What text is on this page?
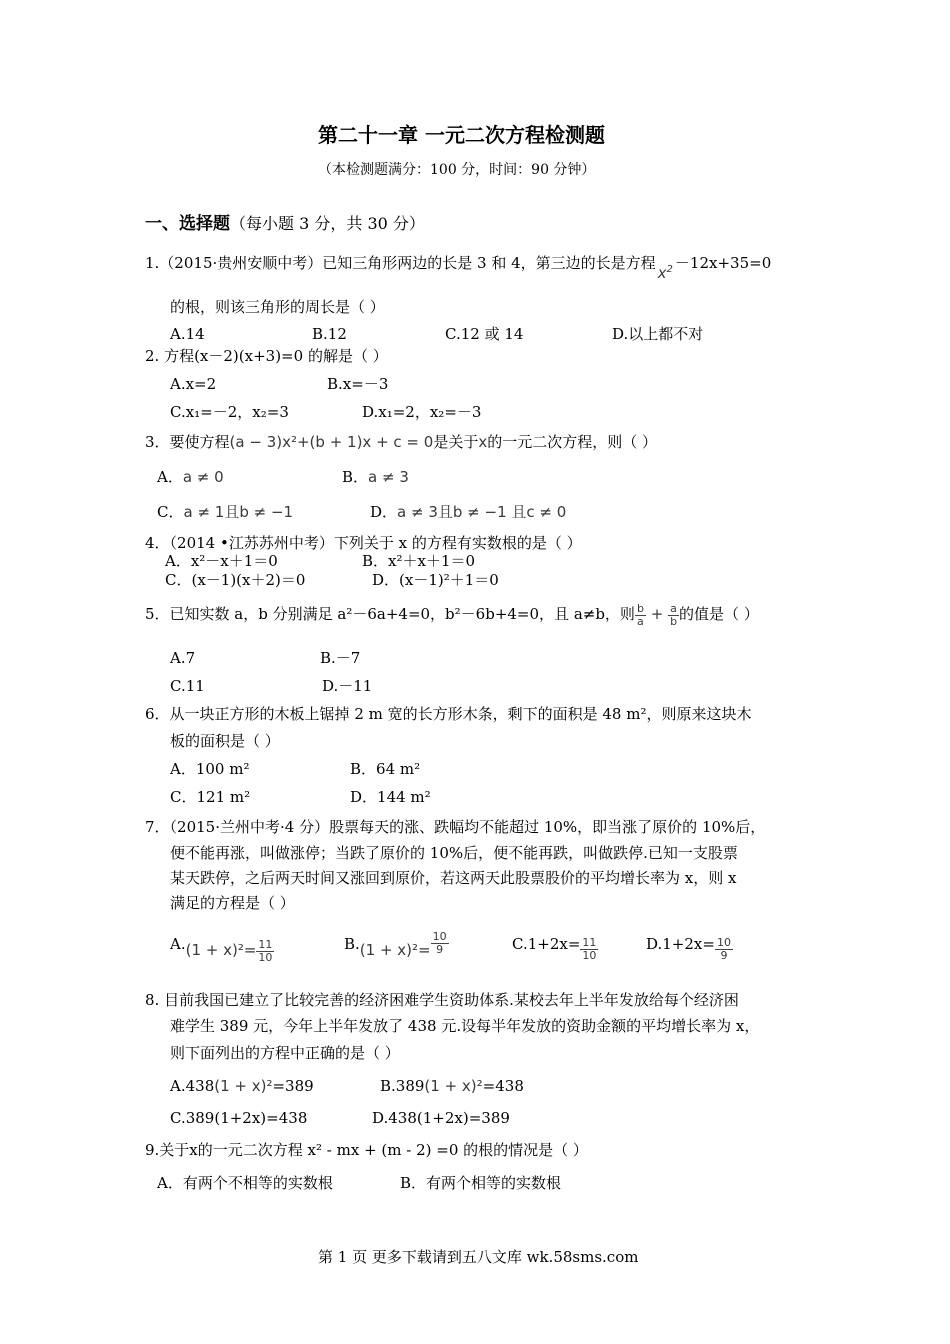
第二十一章 一元二次方程检测题
（本检测题满分：100 分，时间：90 分钟）
一、选择题（每小题 3 分，共 30 分）
1.（2015·贵州安顺中考）已知三角形两边的长是 3 和 4，第三边的长是方程$x^2 -12x+35=0$
的根，则该三角形的周长是（ ）
A.14	B.12	C.12 或 14	D.以上都不对
2. 方程(x－2)(x+3)=0 的解是（ ）
A.x=2	B.x=－3
C.x₁=－2，x₂=3	D.x₁=2，x₂=－3
3．要使方程(a − 3)x²+(b + 1)x + c = 0是关于x的一元二次方程，则（ ）
A．a ≠ 0	B．a ≠ 3
C．a ≠ 1且b ≠ −1	D．a ≠ 3且b ≠ −1 且c ≠ 0
4．（2014 •江苏苏州中考）下列关于 x 的方程有实数根的是（ ）
A．x²－x＋1＝0	B．x²＋x＋1＝0
C．(x－1)(x＋2)＝0	D．(x－1)²＋1＝0
5．已知实数 a，b 分别满足 a²－6a+4=0，b²－6b+4=0，且 a≠b，则 $\frac{b}{a} + \frac{a}{b}$ 的值是（ ）
A.7	B.－7
C.11	D.－11
6．从一块正方形的木板上锯掉 2 m 宽的长方形木条，剩下的面积是 48 m²，则原来这块木
板的面积是（ ）
A．100 m²	B．64 m²
C．121 m²	D．144 m²
7．（2015·兰州中考·4 分）股票每天的涨、跌幅均不能超过 10%，即当涨了原价的 10%后，
便不能再涨，叫做涨停；当跌了原价的 10%后，便不能再跌，叫做跌停.已知一支股票
某天跌停，之后两天时间又涨回到原价，若这两天此股票股价的平均增长率为 x，则 x
满足的方程是（ ）
$A.(1 + x)^2= \frac{11}{10}$	$B.(1 + x)^2= \frac{10}{9}$	$C.1+2x= \frac{11}{10}$	$D.1+2x= \frac{10}{9}$
8. 目前我国已建立了比较完善的经济困难学生资助体系.某校去年上半年发放给每个经济困
难学生 389 元，今年上半年发放了 438 元.设每半年发放的资助金额的平均增长率为 x，
则下面列出的方程中正确的是（ ）
A.438(1 + x)²=389	B.389(1 + x)²=438
C.389(1+2x)=438	D.438(1+2x)=389
9.关于x的一元二次方程 x² - mx + (m - 2) =0 的根的情况是（ ）
A．有两个不相等的实数根	B．有两个相等的实数根
第 1 页 更多下载请到五八文库 wk.58sms.com
